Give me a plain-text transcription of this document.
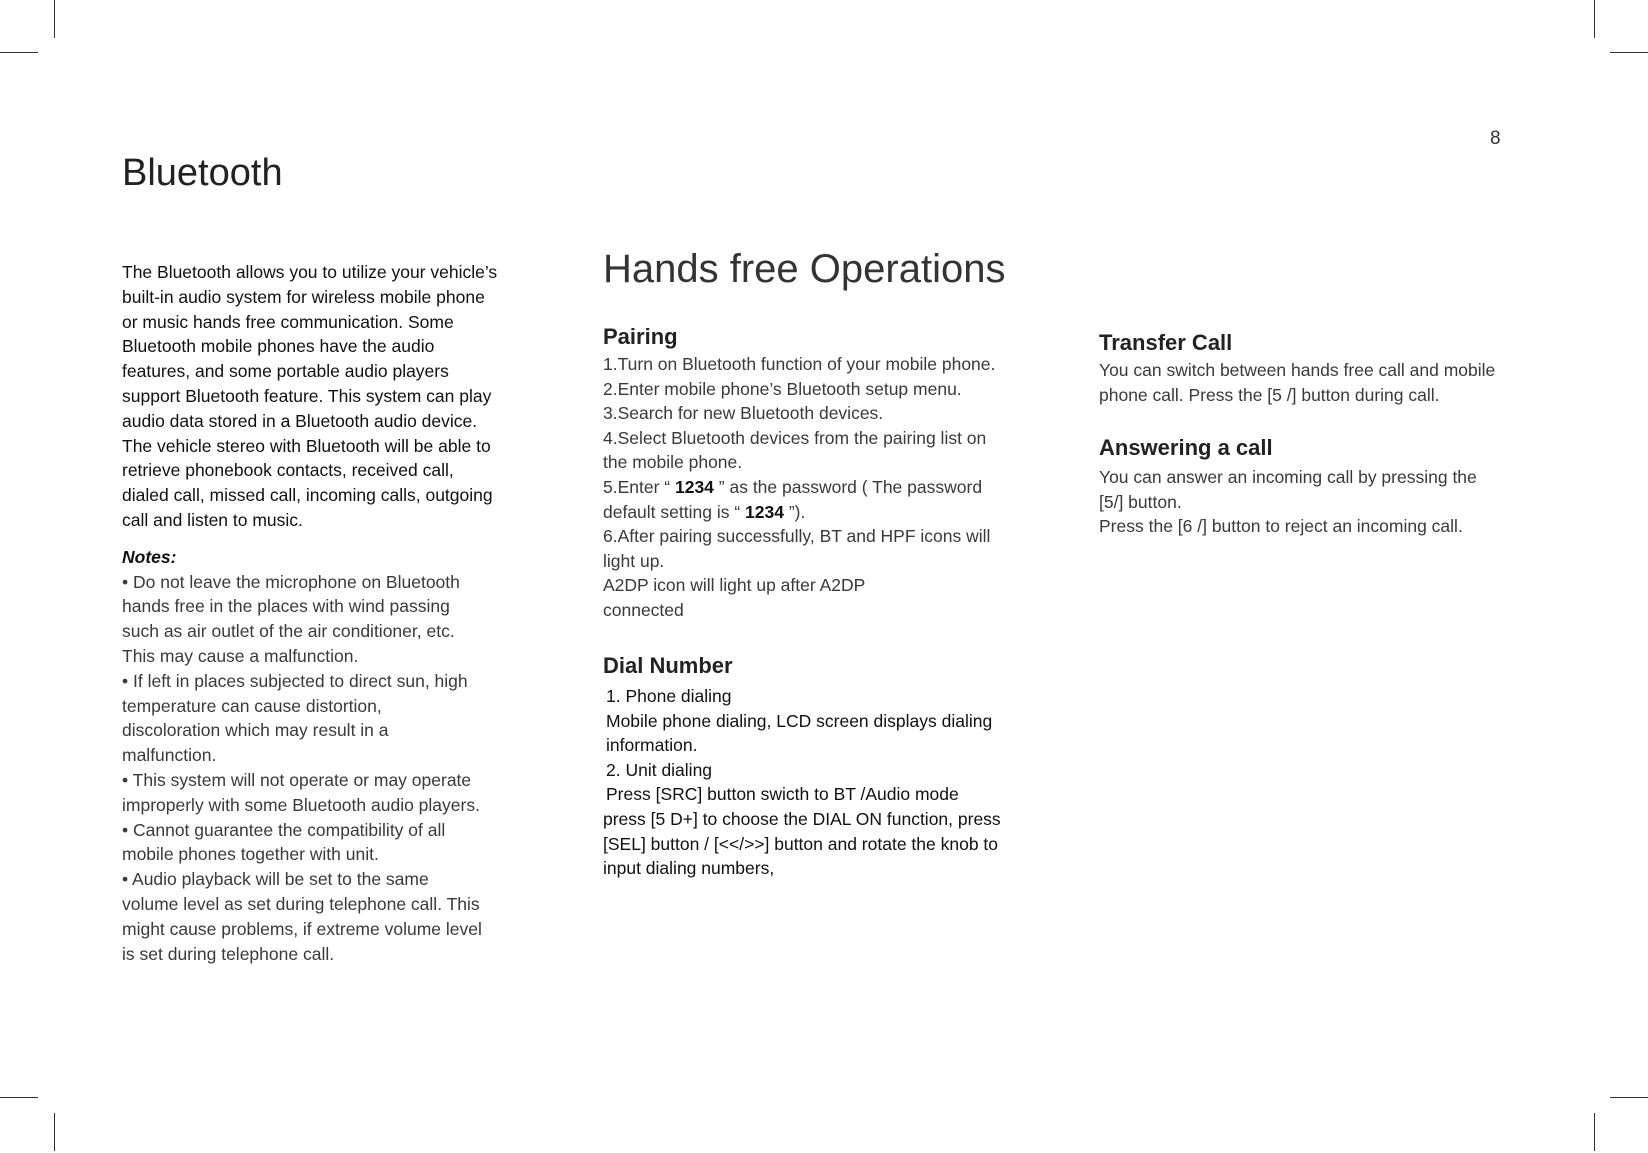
8
Bluetooth

The Bluetooth allows you to utilize your vehicle’s

built-in audio system for wireless mobile phone

or music hands free communication. Some

Bluetooth mobile phones have the audio

features, and some portable audio players

support Bluetooth feature. This system can play

audio data stored in a Bluetooth audio device.

The vehicle stereo with Bluetooth will be able to

retrieve phonebook contacts, received call,

dialed call, missed call, incoming calls, outgoing

call and listen to music.

Notes:

• Do not leave the microphone on Bluetooth

hands free in the places with wind passing

such as air outlet of the air conditioner, etc.

This may cause a malfunction.

• If left in places subjected to direct sun, high

temperature can cause distortion,

discoloration which may result in a

malfunction.

• This system will not operate or may operate

improperly with some Bluetooth audio players.

• Cannot guarantee the compatibility of all

mobile phones together with unit.

• Audio playback will be set to the same

volume level as set during telephone call. This

might cause problems, if extreme volume level

is set during telephone call.

Hands free Operations
Pairing

1.Turn on Bluetooth function of your mobile phone.

2.Enter mobile phone’s Bluetooth setup menu.

3.Search for new Bluetooth devices.

4.Select Bluetooth devices from the pairing list on

the mobile phone.

5.Enter “ 1234 ” as the password ( The password

default setting is “ 1234 ”).

6.After pairing successfully, BT and HPF icons will

light up.

A2DP icon will light up after A2DP

connected

Dial Number

1. Phone dialing

Mobile phone dialing, LCD screen displays dialing

information.

2. Unit dialing

Press [SRC] button swicth to BT /Audio mode

press [5 D+] to choose the DIAL ON function, press

[SEL] button / [<</>>] button and rotate the knob to

input dialing numbers,

Transfer Call

You can switch between hands free call and mobile

phone call. Press the [5 /] button during call.

Answering a call

You can answer an incoming call by pressing the

[5/] button.

Press the [6 /] button to reject an incoming call.
